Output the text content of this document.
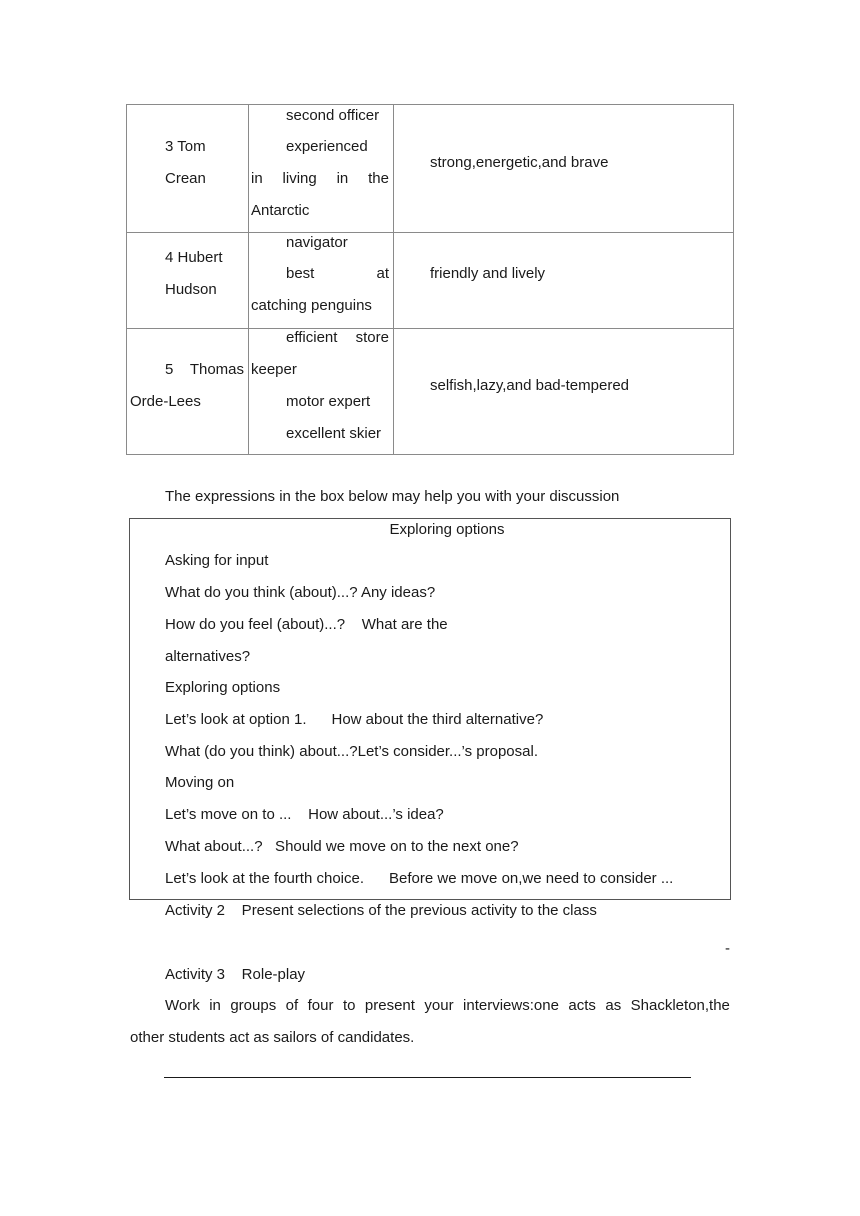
3 Tom
Crean
second officer
experienced
in living in the
Antarctic
strong,energetic,and brave
4 Hubert
Hudson
navigator
best	at
catching penguins
friendly and lively
5 Thomas
Orde-Lees
efficient store
keeper
motor expert
excellent skier
selfish,lazy,and bad-tempered
The expressions in the box below may help you with your discussion
Exploring options
Asking for input
What do you think (about)...? Any ideas?
How do you feel (about)...?    What are the
alternatives?
Exploring options
Let’s look at option 1.      How about the third alternative?
What (do you think) about...?Let’s consider...’s proposal.
Moving on
Let’s move on to ...    How about...’s idea?
What about...?   Should we move on to the next one?
Let’s look at the fourth choice.      Before we move on,we need to consider ...
Activity 2    Present selections of the previous activity to the class
-
Activity 3    Role-play
Work in groups of four to present your interviews:one acts as Shackleton,the
other students act as sailors of candidates.
